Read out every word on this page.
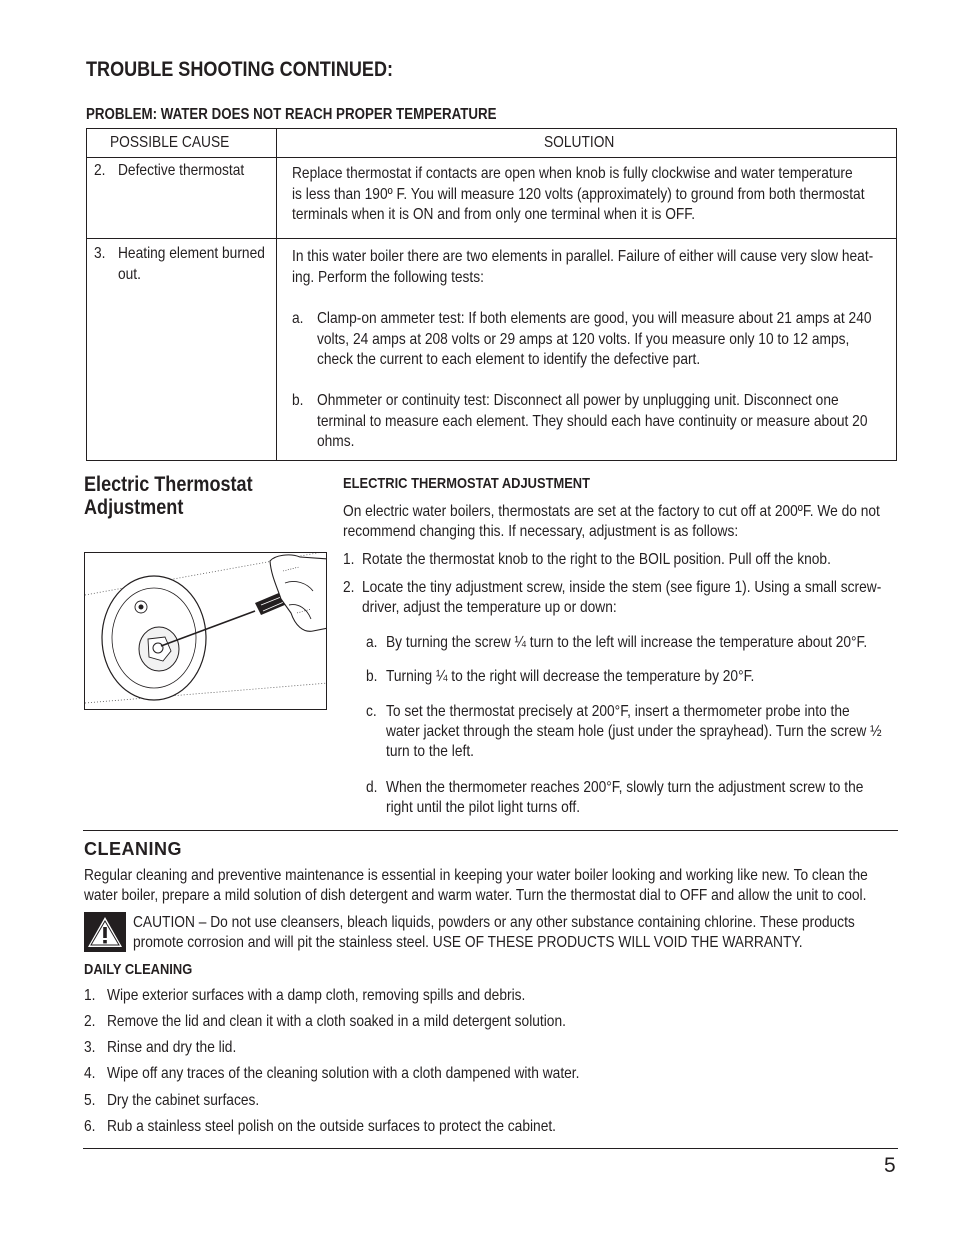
TROUBLE SHOOTING CONTINUED:
PROBLEM: WATER DOES NOT REACH PROPER TEMPERATURE
POSSIBLE CAUSE	SOLUTION
2. Defective thermostat	Replace thermostat if contacts are open when knob is fully clockwise and water temperature
is less than 190º F. You will measure 120 volts (approximately) to ground from both thermostat
terminals when it is ON and from only one terminal when it is OFF.
3. Heating element burned
out.
In this water boiler there are two elements in parallel. Failure of either will cause very slow heat-
ing. Perform the following tests:
a. Clamp-on ammeter test: If both elements are good, you will measure about 21 amps at 240
volts, 24 amps at 208 volts or 29 amps at 120 volts. If you measure only 10 to 12 amps,
check the current to each element to identify the defective part.
b. Ohmmeter or continuity test: Disconnect all power by unplugging unit. Disconnect one
terminal to measure each element. They should each have continuity or measure about 20
ohms.
Electric Thermostat
Adjustment
ELECTRIC THERMOSTAT ADJUSTMENT
On electric water boilers, thermostats are set at the factory to cut off at 200ºF. We do not
recommend changing this. If necessary, adjustment is as follows:
1. Rotate the thermostat knob to the right to the BOIL position. Pull off the knob.
2. Locate the tiny adjustment screw, inside the stem (see figure 1). Using a small screw-
driver, adjust the temperature up or down:
a. By turning the screw ¼ turn to the left will increase the temperature about 20°F.
b. Turning ¼ to the right will decrease the temperature by 20°F.
c. To set the thermostat precisely at 200°F, insert a thermometer probe into the
water jacket through the steam hole (just under the sprayhead). Turn the screw ½
turn to the left.
d. When the thermometer reaches 200°F, slowly turn the adjustment screw to the
right until the pilot light turns off.
CLEANING
Regular cleaning and preventive maintenance is essential in keeping your water boiler looking and working like new. To clean the
water boiler, prepare a mild solution of dish detergent and warm water. Turn the thermostat dial to OFF and allow the unit to cool.
CAUTION – Do not use cleansers, bleach liquids, powders or any other substance containing chlorine. These products
promote corrosion and will pit the stainless steel. USE OF THESE PRODUCTS WILL VOID THE WARRANTY.
DAILY CLEANING
1. Wipe exterior surfaces with a damp cloth, removing spills and debris.
2. Remove the lid and clean it with a cloth soaked in a mild detergent solution.
3. Rinse and dry the lid.
4. Wipe off any traces of the cleaning solution with a cloth dampened with water.
5. Dry the cabinet surfaces.
6. Rub a stainless steel polish on the outside surfaces to protect the cabinet.
5
